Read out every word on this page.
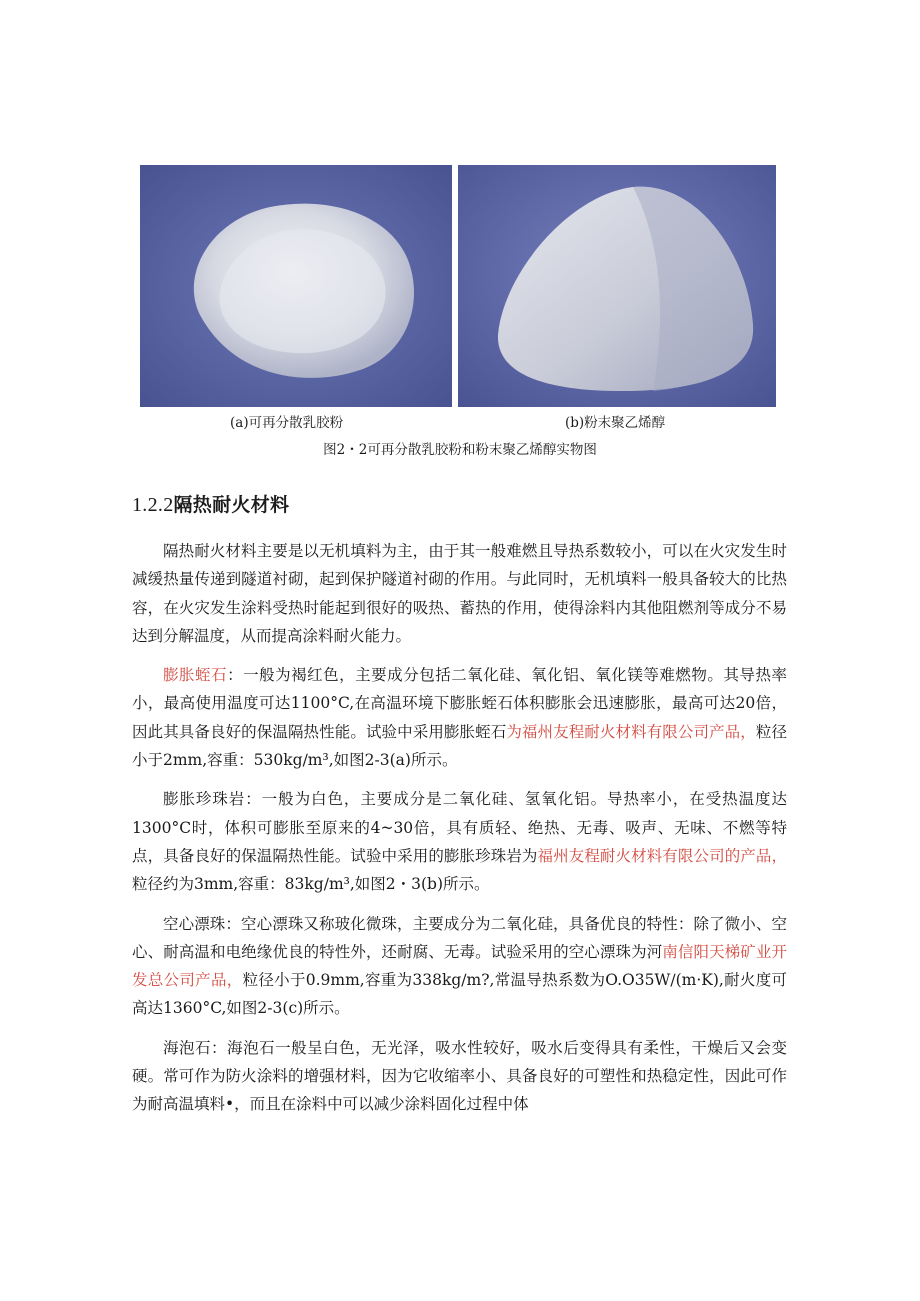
(a)可再分散乳胶粉	(b)粉末聚乙烯醇
图2・2可再分散乳胶粉和粉末聚乙烯醇实物图
1.2.2隔热耐火材料

隔热耐火材料主要是以无机填料为主，由于其一般难燃且导热系数较小，可以在火灾发生时减缓热量传递到隧道衬砌，起到保护隧道衬砌的作用。与此同时，无机填料一般具备较大的比热容，在火灾发生涂料受热时能起到很好的吸热、蓄热的作用，使得涂料内其他阻燃剂等成分不易达到分解温度，从而提高涂料耐火能力。

膨胀蛭石：一般为褐红色，主要成分包括二氧化硅、氧化铝、氧化镁等难燃物。其导热率小，最高使用温度可达1100°C,在高温环境下膨胀蛭石体积膨胀会迅速膨胀，最高可达20倍，因此其具备良好的保温隔热性能。试验中采用膨胀蛭石为福州友程耐火材料有限公司产品，粒径小于2mm,容重：530kg∕m³,如图2-3(a)所示。

膨胀珍珠岩：一般为白色，主要成分是二氧化硅、氢氧化铝。导热率小，在受热温度达1300°C时，体积可膨胀至原来的4~30倍，具有质轻、绝热、无毒、吸声、无味、不燃等特点，具备良好的保温隔热性能。试验中采用的膨胀珍珠岩为福州友程耐火材料有限公司的产品，粒径约为3mm,容重：83kg∕m³,如图2・3(b)所示。

空心漂珠：空心漂珠又称玻化微珠，主要成分为二氧化硅，具备优良的特性：除了微小、空心、耐高温和电绝缘优良的特性外，还耐腐、无毒。试验采用的空心漂珠为河南信阳天梯矿业开发总公司产品，粒径小于0.9mm,容重为338kg∕m?,常温导热系数为O.O35W∕(m·K),耐火度可高达1360°C,如图2-3(c)所示。

海泡石：海泡石一般呈白色，无光泽，吸水性较好，吸水后变得具有柔性，干燥后又会变硬。常可作为防火涂料的增强材料，因为它收缩率小、具备良好的可塑性和热稳定性，因此可作为耐高温填料•，而且在涂料中可以减少涂料固化过程中体
